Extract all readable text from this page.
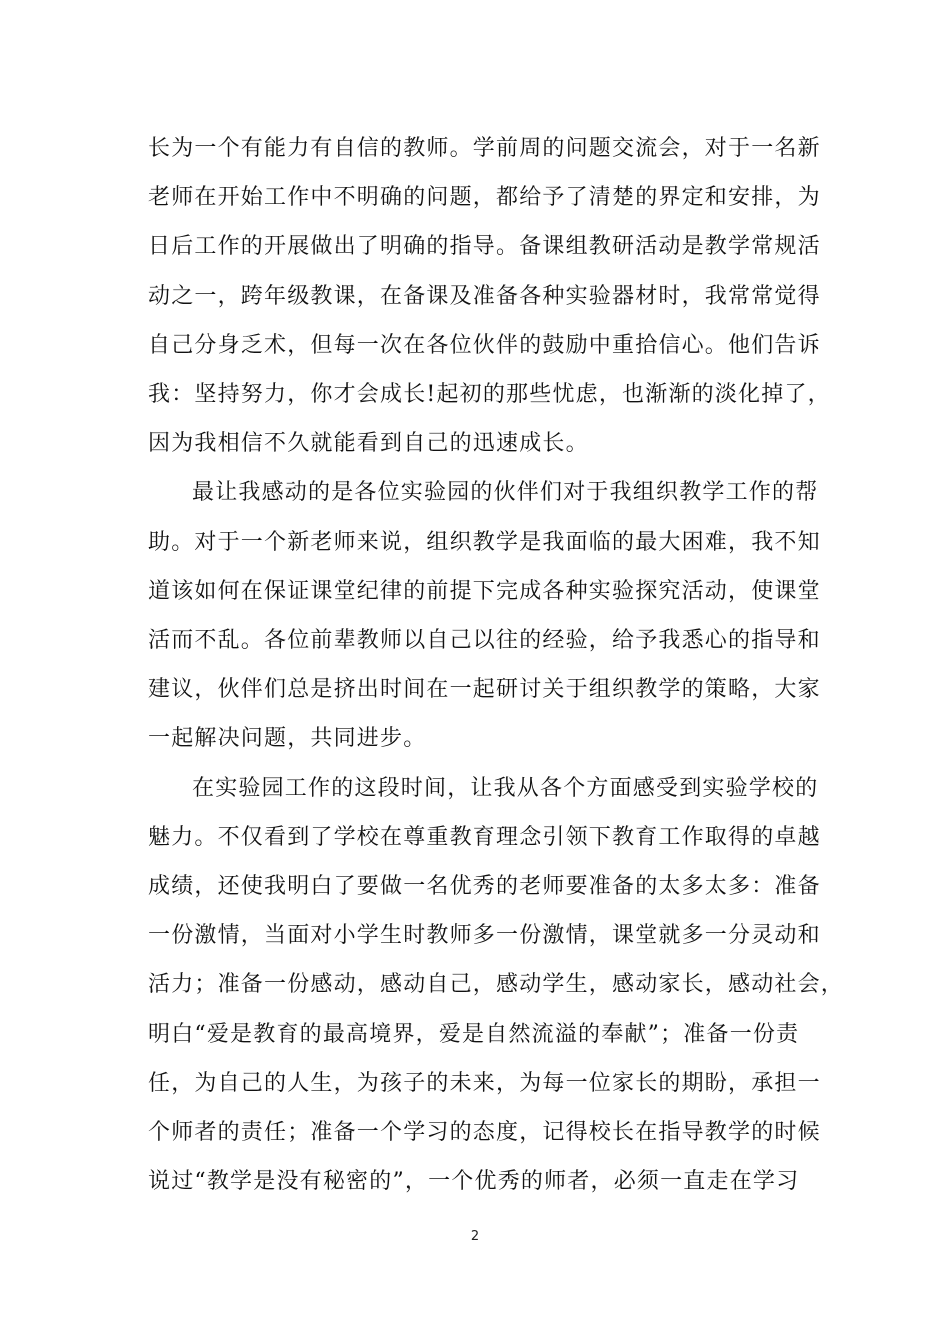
长为一个有能力有自信的教师。学前周的问题交流会，对于一名新
老师在开始工作中不明确的问题，都给予了清楚的界定和安排，为
日后工作的开展做出了明确的指导。备课组教研活动是教学常规活
动之一，跨年级教课，在备课及准备各种实验器材时，我常常觉得
自己分身乏术，但每一次在各位伙伴的鼓励中重拾信心。他们告诉
我：坚持努力，你才会成长!起初的那些忧虑，也渐渐的淡化掉了，
因为我相信不久就能看到自己的迅速成长。

最让我感动的是各位实验园的伙伴们对于我组织教学工作的帮
助。对于一个新老师来说，组织教学是我面临的最大困难，我不知
道该如何在保证课堂纪律的前提下完成各种实验探究活动，使课堂
活而不乱。各位前辈教师以自己以往的经验，给予我悉心的指导和
建议，伙伴们总是挤出时间在一起研讨关于组织教学的策略，大家
一起解决问题，共同进步。

在实验园工作的这段时间，让我从各个方面感受到实验学校的
魅力。不仅看到了学校在尊重教育理念引领下教育工作取得的卓越
成绩，还使我明白了要做一名优秀的老师要准备的太多太多：准备
一份激情，当面对小学生时教师多一份激情，课堂就多一分灵动和
活力；准备一份感动，感动自己，感动学生，感动家长，感动社会，
明白“爱是教育的最高境界，爱是自然流溢的奉献”；准备一份责
任，为自己的人生，为孩子的未来，为每一位家长的期盼，承担一
个师者的责任；准备一个学习的态度，记得校长在指导教学的时候
说过“教学是没有秘密的”，一个优秀的师者，必须一直走在学习

2
